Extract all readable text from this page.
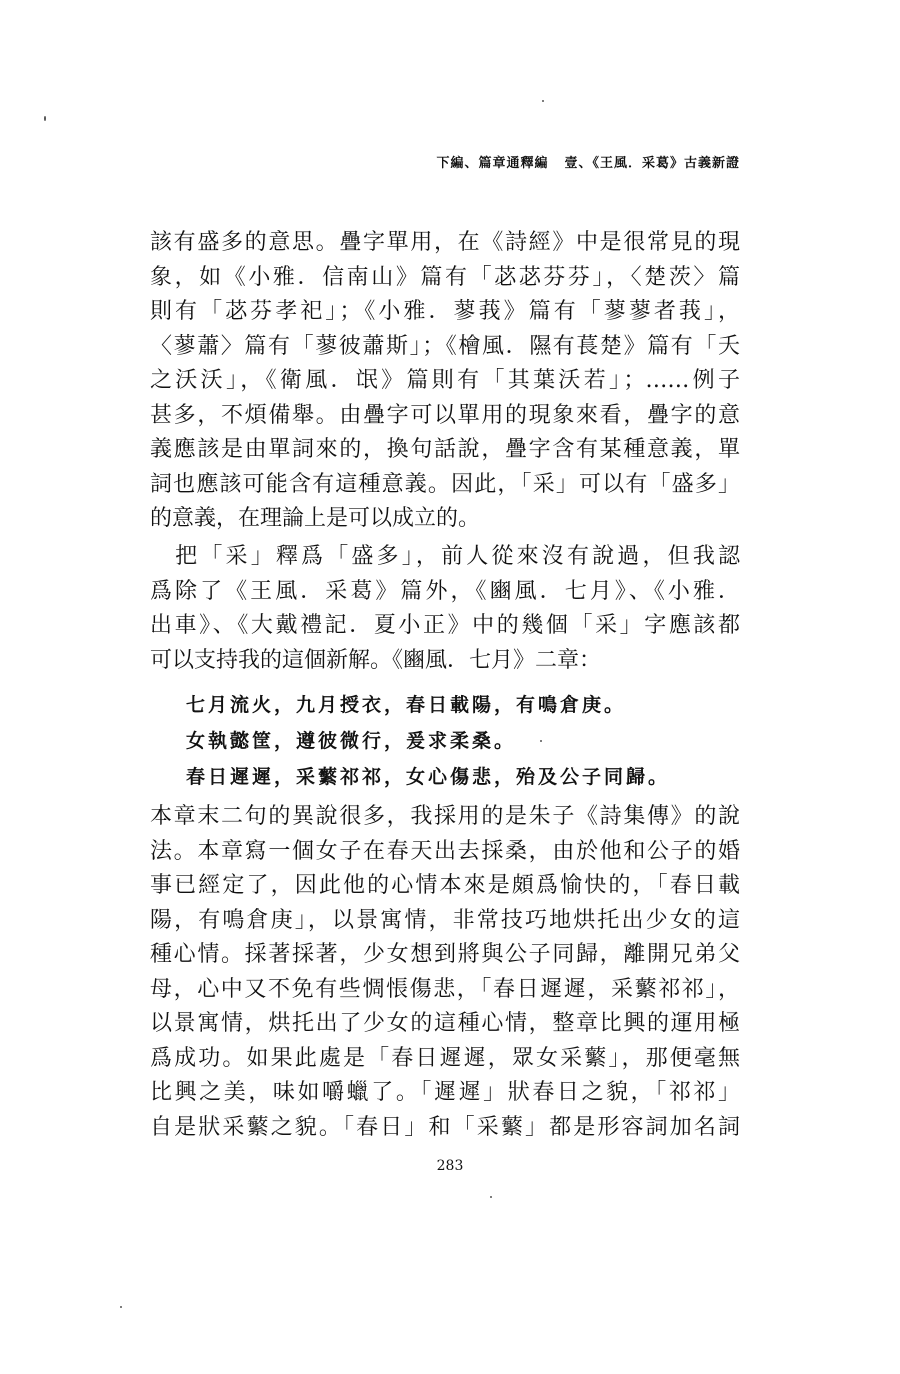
下編、篇章通釋編 壹、《王風．采葛》古義新證
該有盛多的意思。疊字單用，在《詩經》中是很常見的現
象，如《小雅．信南山》篇有「苾苾芬芬」，〈楚茨〉篇
則有「苾芬孝祀」；《小雅．蓼莪》篇有「蓼蓼者莪」，
〈蓼蕭〉篇有「蓼彼蕭斯」；《檜風．隰有萇楚》篇有「夭
之沃沃」，《衛風．氓》篇則有「其葉沃若」；……例子
甚多，不煩備舉。由疊字可以單用的現象來看，疊字的意
義應該是由單詞來的，換句話說，疊字含有某種意義，單
詞也應該可能含有這種意義。因此，「采」可以有「盛多」
的意義，在理論上是可以成立的。
　把「采」釋爲「盛多」，前人從來沒有說過，但我認
爲除了《王風．采葛》篇外，《豳風．七月》、《小雅．
出車》、《大戴禮記．夏小正》中的幾個「采」字應該都
可以支持我的這個新解。《豳風．七月》二章：
七月流火，九月授衣，春日載陽，有鳴倉庚。
女執懿筐，遵彼微行，爰求柔桑。
春日遲遲，采蘩祁祁，女心傷悲，殆及公子同歸。
本章末二句的異說很多，我採用的是朱子《詩集傳》的說
法。本章寫一個女子在春天出去採桑，由於他和公子的婚
事已經定了，因此他的心情本來是頗爲愉快的，「春日載
陽，有鳴倉庚」，以景寓情，非常技巧地烘托出少女的這
種心情。採著採著，少女想到將與公子同歸，離開兄弟父
母，心中又不免有些惆悵傷悲，「春日遲遲，采蘩祁祁」，
以景寓情，烘托出了少女的這種心情，整章比興的運用極
爲成功。如果此處是「春日遲遲，眾女采蘩」，那便毫無
比興之美，味如嚼蠟了。「遲遲」狀春日之貌，「祁祁」
自是狀采蘩之貌。「春日」和「采蘩」都是形容詞加名詞
283
